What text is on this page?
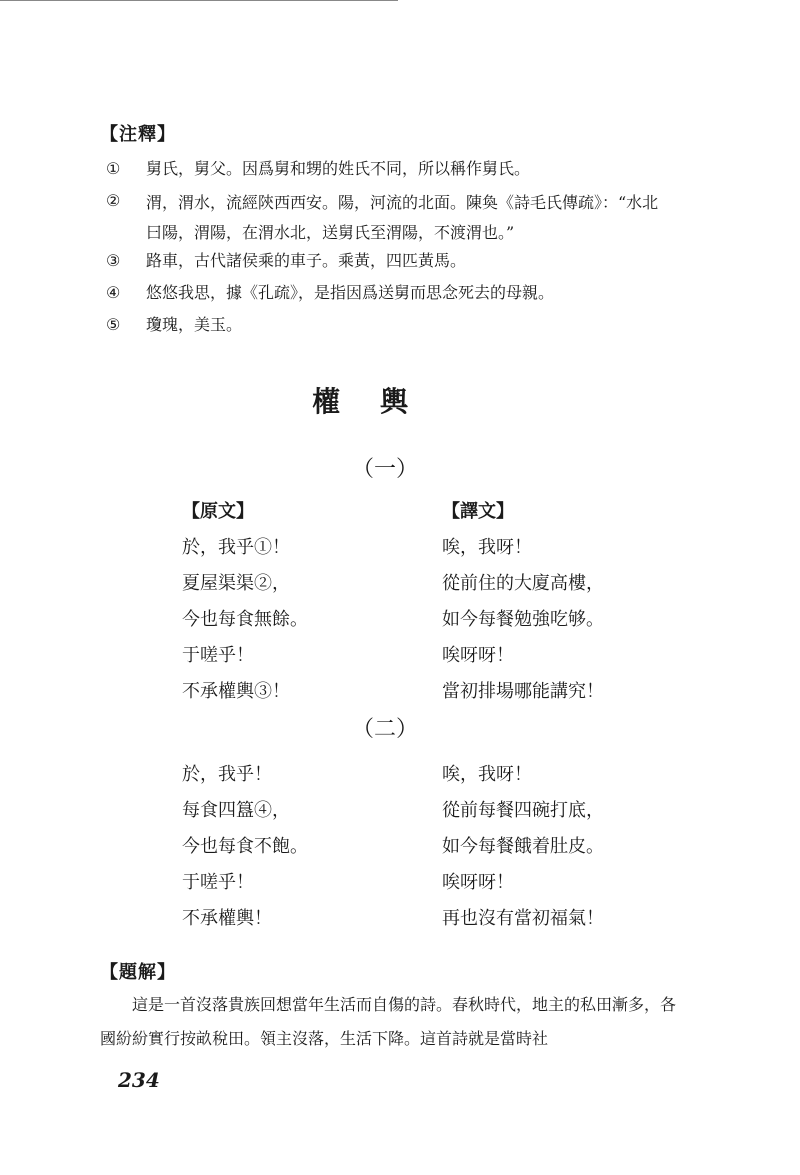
【注釋】
① 舅氏，舅父。因爲舅和甥的姓氏不同，所以稱作舅氏。
② 渭，渭水，流經陝西西安。陽，河流的北面。陳奐《詩毛氏傳疏》：“水北曰陽，渭陽，在渭水北，送舅氏至渭陽，不渡渭也。”
③ 路車，古代諸侯乘的車子。乘黃，四匹黃馬。
④ 悠悠我思，據《孔疏》，是指因爲送舅而思念死去的母親。
⑤ 瓊瑰，美玉。
權輿
（一）
【原文】
於，我乎①！
夏屋渠渠②，
今也每食無餘。
于嗟乎！
不承權輿③！
【譯文】
唉，我呀！
從前住的大廈高樓，
如今每餐勉強吃够。
唉呀呀！
當初排場哪能講究！
（二）
於，我乎！
每食四簋④，
今也每食不飽。
于嗟乎！
不承權輿！
唉，我呀！
從前每餐四碗打底，
如今每餐餓着肚皮。
唉呀呀！
再也沒有當初福氣！
【題解】
這是一首沒落貴族回想當年生活而自傷的詩。春秋時代，地主的私田漸多，各國紛紛實行按畝稅田。領主沒落，生活下降。這首詩就是當時社
234
